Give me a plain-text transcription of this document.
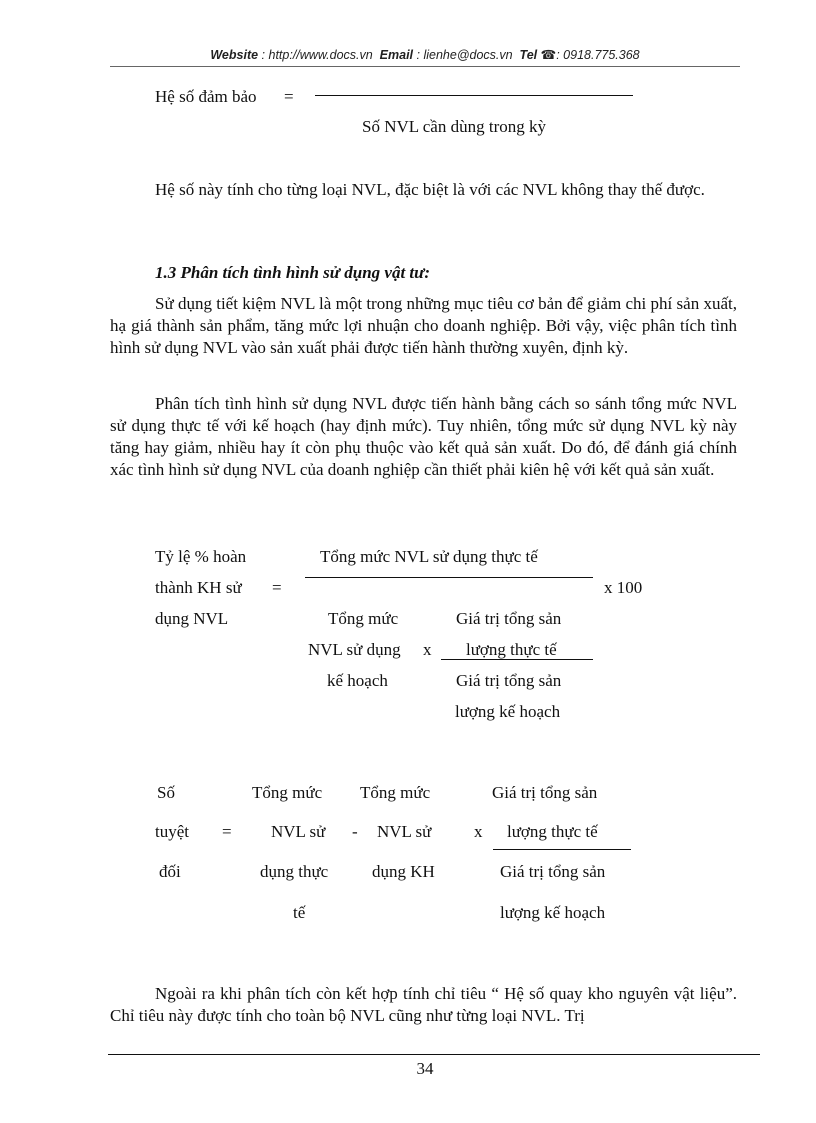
Website : http://www.docs.vn Email : lienhe@docs.vn Tel ☎: 0918.775.368
Hệ số đảm bảo =
Số NVL cần dùng trong kỳ
Hệ số này tính cho từng loại NVL, đặc biệt là với các NVL không thay thế được.
1.3 Phân tích tình hình sử dụng vật tư:
Sử dụng tiết kiệm NVL là một trong những mục tiêu cơ bản để giảm chi phí sản xuất, hạ giá thành sản phẩm, tăng mức lợi nhuận cho doanh nghiệp. Bởi vậy, việc phân tích tình hình sử dụng NVL vào sản xuất phải được tiến hành thường xuyên, định kỳ.
Phân tích tình hình sử dụng NVL được tiến hành bằng cách so sánh tổng mức NVL sử dụng thực tế với kế hoạch (hay định mức). Tuy nhiên, tổng mức sử dụng NVL kỳ này tăng hay giảm, nhiều hay ít còn phụ thuộc vào kết quả sản xuất. Do đó, để đánh giá chính xác tình hình sử dụng NVL của doanh nghiệp cần thiết phải kiên hệ với kết quả sản xuất.
Tỷ lệ % hoàn
thành KH sử
dụng NVL
=
Tổng mức NVL sử dụng thực tế
x 100
Tổng mức
NVL sử dụng
kế hoạch
x
Giá trị tổng sản
lượng thực tế
Giá trị tổng sản
lượng kế hoạch
Số
tuyệt
đối
=
Tổng mức
NVL sử
dụng thực
tế
-
Tổng mức
NVL sử
dụng KH
x
Giá trị tổng sản
lượng thực tế
Giá trị tổng sản
lượng kế hoạch
Ngoài ra khi phân tích còn kết hợp tính chỉ tiêu “ Hệ số quay kho nguyên vật liệu”. Chỉ tiêu này được tính cho toàn bộ NVL cũng như từng loại NVL. Trị
34
